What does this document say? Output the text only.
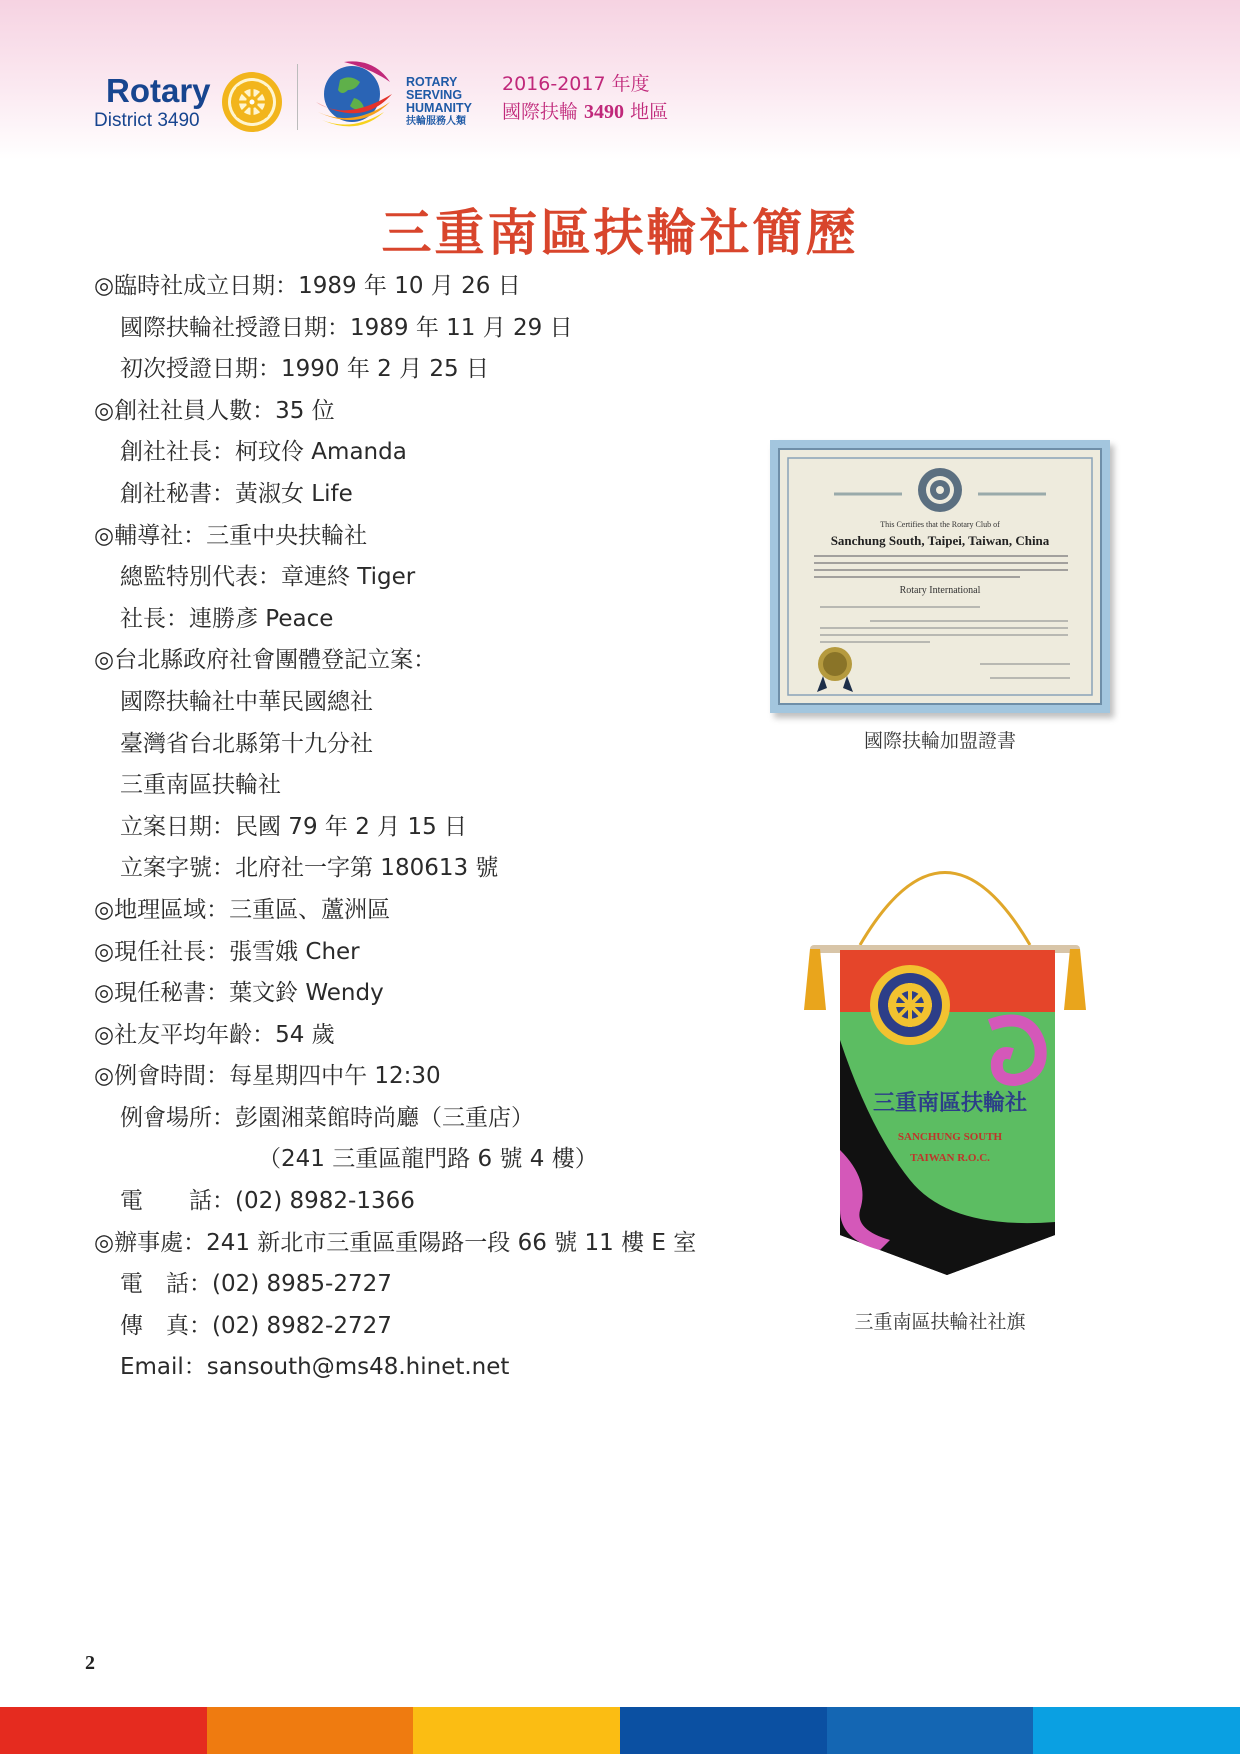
Rotary
District 3490
ROTARY
SERVING
HUMANITY
扶輪服務人類
2016-2017 年度
國際扶輪 3490 地區
三重南區扶輪社簡歷
◎ 臨時社成立日期：1989 年 10 月 26 日
國際扶輪社授證日期：1989 年 11 月 29 日
初次授證日期：1990 年 2 月 25 日
◎ 創社社員人數：35 位
創社社長：柯玟伶 Amanda
創社秘書：黃淑女 Life
◎ 輔導社：三重中央扶輪社
總監特別代表：章連終 Tiger
社長：連勝彥 Peace
◎ 台北縣政府社會團體登記立案：
國際扶輪社中華民國總社
臺灣省台北縣第十九分社
三重南區扶輪社
立案日期：民國 79 年 2 月 15 日
立案字號：北府社一字第 180613 號
◎ 地理區域：三重區、蘆洲區
◎ 現任社長：張雪娥 Cher
◎ 現任秘書：葉文鈴 Wendy
◎ 社友平均年齡：54 歲
◎ 例會時間：每星期四中午 12:30
例會場所：彭園湘菜館時尚廳（三重店）
（241 三重區龍門路 6 號 4 樓）
電　　話：(02) 8982-1366
◎ 辦事處：241 新北市三重區重陽路一段 66 號 11 樓 E 室
電　話：(02) 8985-2727
傳　真：(02) 8982-2727
Email：sansouth@ms48.hinet.net
This Certifies that the Rotary Club of
Sanchung South, Taipei, Taiwan, China
Rotary International
國際扶輪加盟證書
三重南區扶輪社
SANCHUNG SOUTH
TAIWAN R.O.C.
三重南區扶輪社社旗
2
